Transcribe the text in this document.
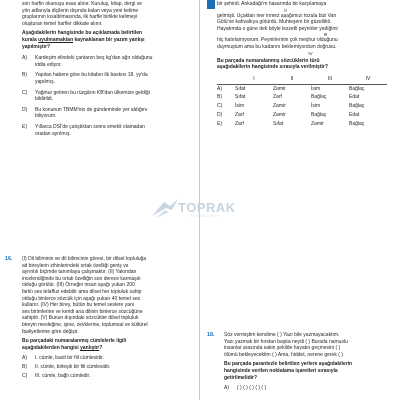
son harfin okunuşu esas alınır. Kuruluş, kitap, dergi ve

yön adlarıyla diçilerin dışında kalan veya yeni kelime

gruplarının kısaltılmasında, ilk harfle birlikte kelimeyi

oluşturan temel harfler dikkate alınır.

Aşağıdakilerin hangisinde bu açıklamada belirtilen

kurala uyulmamaktan kaynaklanan bir yazım yanlışı

yapılmıştır?

A) Kardeşim elindeki çantanın beş kg'dan ağır olduğunu

iddia ediyor.

B) Yapılan habere göre bu kitabın ilk baskısı 18. yy'da

yapılmış.

C) Yağmur getiren bu rüzgârın KB'dan ülkemize geldiği

bildirildi.

D) Bu konunun TBMM'nin de gündeminde yer aldığını

biliyorum.

E) Yıllarca DSİ'de çalıştıktan sonra emekli olamadan

oradan ayrılmış.

16.	(I) Dil biliminin ve dil bilimcinin görevi, bir dilsel topluluğa

ait bireylerin zihinlerindeki ortak özelliği geniş ve

ayrıntılı biçimde tanımlaya çalışmaktır. (II) Yakından

incelendiğinde bu ortak özelliğin son derece karmaşık

olduğu görülür. (III) Örneğin insan aşağı yukarı 200

farklı ses telaffuz edebilir ama dilsel her topluluk sahip

olduğu binlerce sözcük için aşağı yukarı 40 temel ses

kullanır. (IV) Her birey, bütün bu temel seslere yani

ses birimlerine ve kendi ana dilinin binlerce sözcüğüne

sahiptir. (V) Bunun dışındaki sözcükler dilsel topluluk

bireyin mesleğine, işine, zevklerine, toplumsal ve kültürel

faaliyetlerine göre değişir.

Bu parçadaki numaralanmış cümlelerle ilgili

aşağıdakilerden hangisi yanlıştır?

A) I. cümle, basit bir fiil cümlesidir.

B) II. cümle, birleşik bir fiil cümlesidir.

C) III. cümle, bağlı cümledir.

bir şehirdi. Ankadağı'm hasarında bir karşılamaya

II

gelmişti. Uçaktan iner inmez aşağımızı tozula bizi Van

Gölü'ne kahvaltıya götürdü. Muhteşem bir güzellikti.

Hayatımda o güne dek böyle lezzetli peynirler yediğimi

III

hiç hatırlamıyorum. Peynirlerinin çok meşhur olduğunu

duymuştum ama bu kadarını beklemiyordum doğrusu.

IV

Bu parçada numaralanmış sözcüklerin türü

aşağıdakilerin hangisinde sırasıyla verilmiştir?

	I	II	III	IV

A)	Sıfat	Zamir	İsim	Bağlaç
B)	Sıfat	Zarf	Bağlaç	Edat
C)	İsim	Zamir	İsim	Bağlaç
D)	Zarf	Zamir	Bağlaç	Edat
E)	Zarf	Sıfat	Zamir	Bağlaç
18.	Söz vermiştim kendime ( ) Yazı bile yazmayacaktım.

Yazı yazmak bir hırstan başka neydi ( ) Burada namuslu

insanlar arasında sakin şekilde hayatın geçmesini ( )

ölümü bekleyecektim ( ) Ama, hiddet, nerene gerek ( )

Bu parçada parantezle belirtilen yerlere aşağıdakilerin

hangisinde verilen noktalama işaretleri sırasıyla

getirilmelidir?

A) ( ) ( ) ( ) ( ) ( )

TOPRAK
YAYINCILIK
